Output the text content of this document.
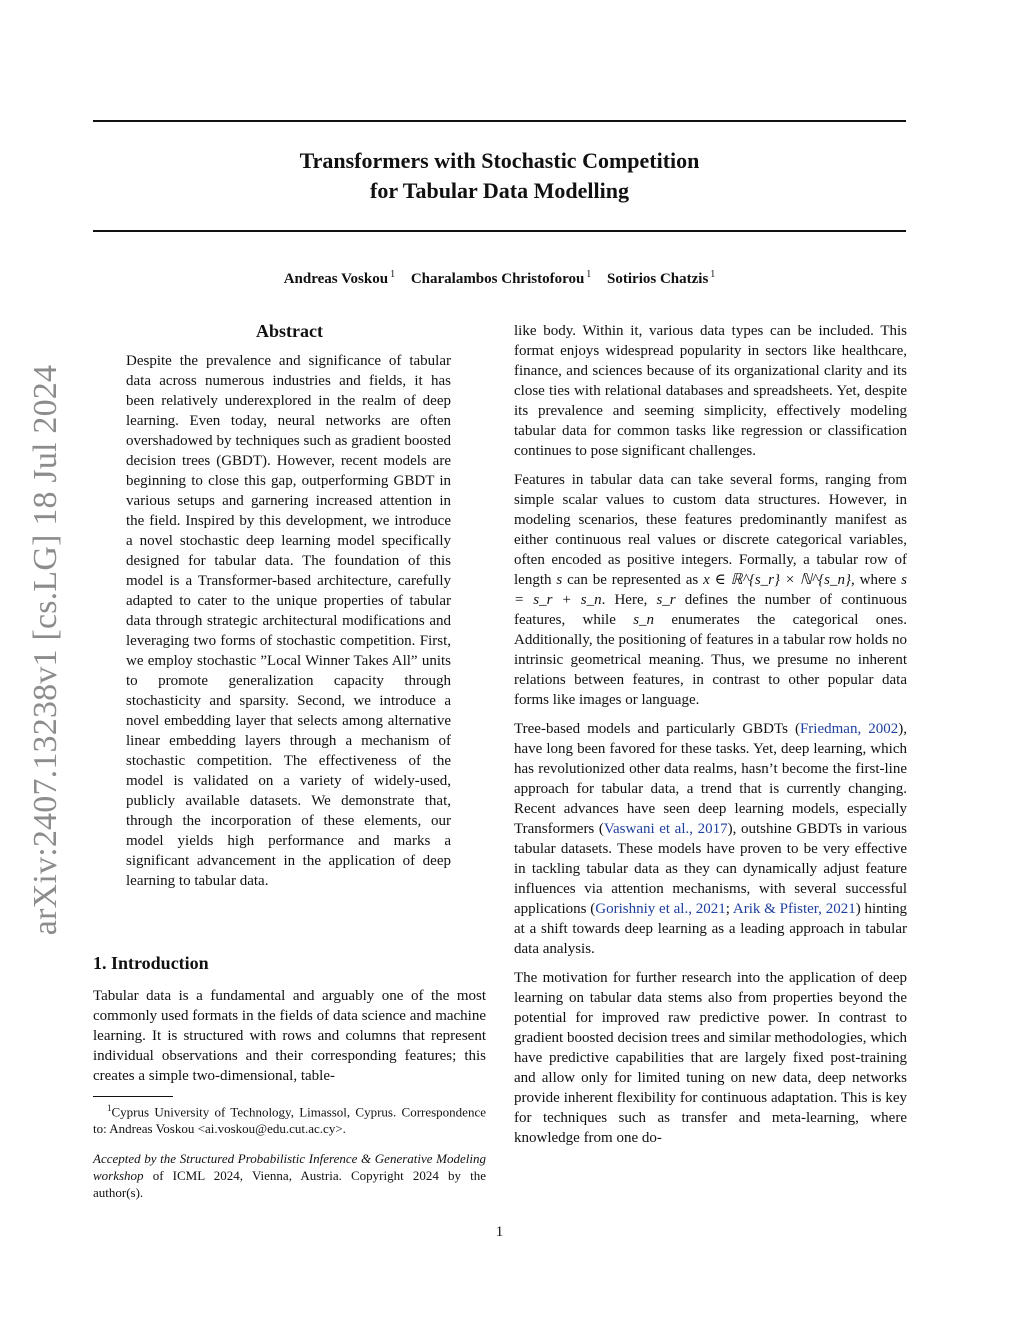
Transformers with Stochastic Competition
for Tabular Data Modelling
Andreas Voskou $^1$ Charalambos Christoforou $^1$ Sotirios Chatzis $^1$
arXiv:2407.13238v1 [cs.LG] 18 Jul 2024
Abstract

Despite the prevalence and significance of tabular data across numerous industries and fields, it has been relatively underexplored in the realm of deep learning. Even today, neural networks are often overshadowed by techniques such as gradient boosted decision trees (GBDT). However, recent models are beginning to close this gap, outperforming GBDT in various setups and garnering increased attention in the field. Inspired by this development, we introduce a novel stochastic deep learning model specifically designed for tabular data. The foundation of this model is a Transformer-based architecture, carefully adapted to cater to the unique properties of tabular data through strategic architectural modifications and leveraging two forms of stochastic competition. First, we employ stochastic ”Local Winner Takes All” units to promote generalization capacity through stochasticity and sparsity. Second, we introduce a novel embedding layer that selects among alternative linear embedding layers through a mechanism of stochastic competition. The effectiveness of the model is validated on a variety of widely-used, publicly available datasets. We demonstrate that, through the incorporation of these elements, our model yields high performance and marks a significant advancement in the application of deep learning to tabular data.

1. Introduction

Tabular data is a fundamental and arguably one of the most commonly used formats in the fields of data science and machine learning. It is structured with rows and columns that represent individual observations and their corresponding features; this creates a simple two-dimensional, table-

$^1$Cyprus University of Technology, Limassol, Cyprus. Correspondence to: Andreas Voskou <ai.voskou@edu.cut.ac.cy>.

Accepted by the Structured Probabilistic Inference & Generative Modeling workshop of ICML 2024, Vienna, Austria. Copyright 2024 by the author(s).

like body. Within it, various data types can be included. This format enjoys widespread popularity in sectors like healthcare, finance, and sciences because of its organizational clarity and its close ties with relational databases and spreadsheets. Yet, despite its prevalence and seeming simplicity, effectively modeling tabular data for common tasks like regression or classification continues to pose significant challenges.

Features in tabular data can take several forms, ranging from simple scalar values to custom data structures. However, in modeling scenarios, these features predominantly manifest as either continuous real values or discrete categorical variables, often encoded as positive integers. Formally, a tabular row of length s can be represented as x ∈ ℝ^{s_r} × ℕ^{s_n}, where s = s_r + s_n. Here, s_r defines the number of continuous features, while s_n enumerates the categorical ones. Additionally, the positioning of features in a tabular row holds no intrinsic geometrical meaning. Thus, we presume no inherent relations between features, in contrast to other popular data forms like images or language.

Tree-based models and particularly GBDTs (Friedman, 2002), have long been favored for these tasks. Yet, deep learning, which has revolutionized other data realms, hasn’t become the first-line approach for tabular data, a trend that is currently changing. Recent advances have seen deep learning models, especially Transformers (Vaswani et al., 2017), outshine GBDTs in various tabular datasets. These models have proven to be very effective in tackling tabular data as they can dynamically adjust feature influences via attention mechanisms, with several successful applications (Gorishniy et al., 2021; Arik & Pfister, 2021) hinting at a shift towards deep learning as a leading approach in tabular data analysis.

The motivation for further research into the application of deep learning on tabular data stems also from properties beyond the potential for improved raw predictive power. In contrast to gradient boosted decision trees and similar methodologies, which have predictive capabilities that are largely fixed post-training and allow only for limited tuning on new data, deep networks provide inherent flexibility for continuous adaptation. This is key for techniques such as transfer and meta-learning, where knowledge from one do-

1
